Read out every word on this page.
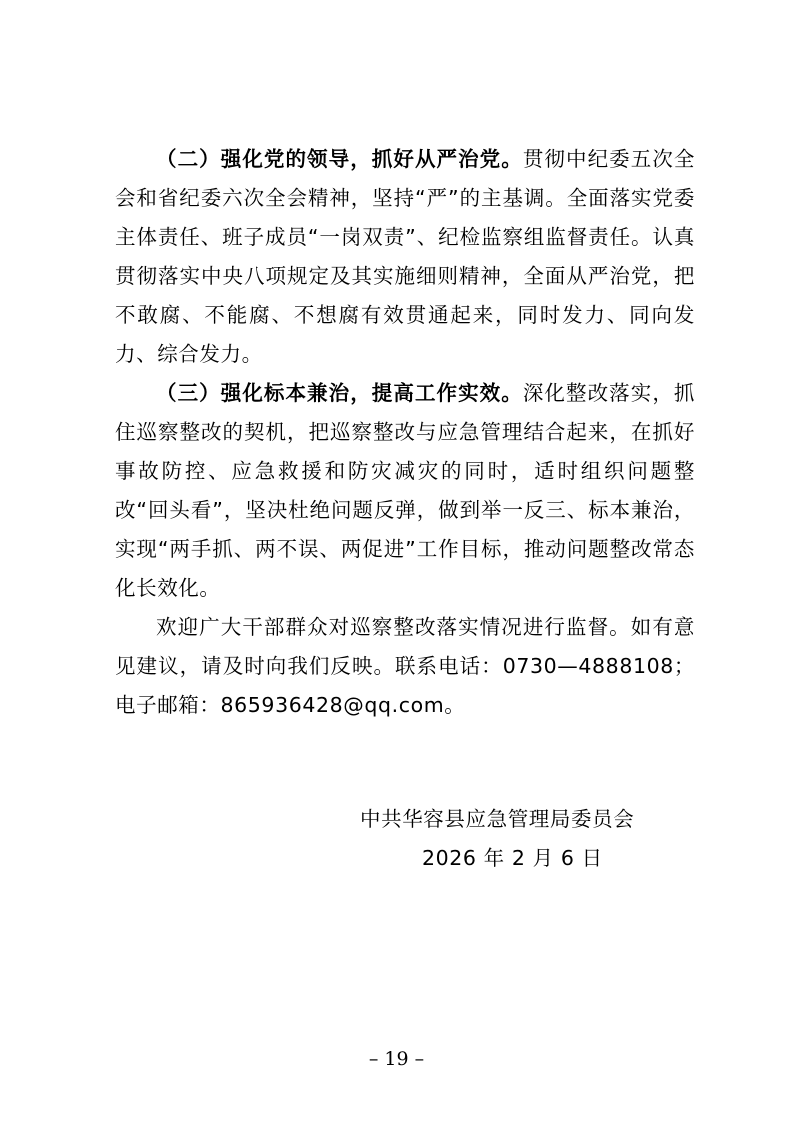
（二）强化党的领导，抓好从严治党。贯彻中纪委五次全会和省纪委六次全会精神，坚持“严”的主基调。全面落实党委主体责任、班子成员“一岗双责”、纪检监察组监督责任。认真贯彻落实中央八项规定及其实施细则精神，全面从严治党，把不敢腐、不能腐、不想腐有效贯通起来，同时发力、同向发力、综合发力。

（三）强化标本兼治，提高工作实效。深化整改落实，抓住巡察整改的契机，把巡察整改与应急管理结合起来，在抓好事故防控、应急救援和防灾减灾的同时，适时组织问题整改“回头看”，坚决杜绝问题反弹，做到举一反三、标本兼治，实现“两手抓、两不误、两促进”工作目标，推动问题整改常态化长效化。

欢迎广大干部群众对巡察整改落实情况进行监督。如有意见建议，请及时向我们反映。联系电话：0730—4888108；电子邮箱：865936428@qq.com。

中共华容县应急管理局委员会
2026 年 2 月 6 日
– 19 –
